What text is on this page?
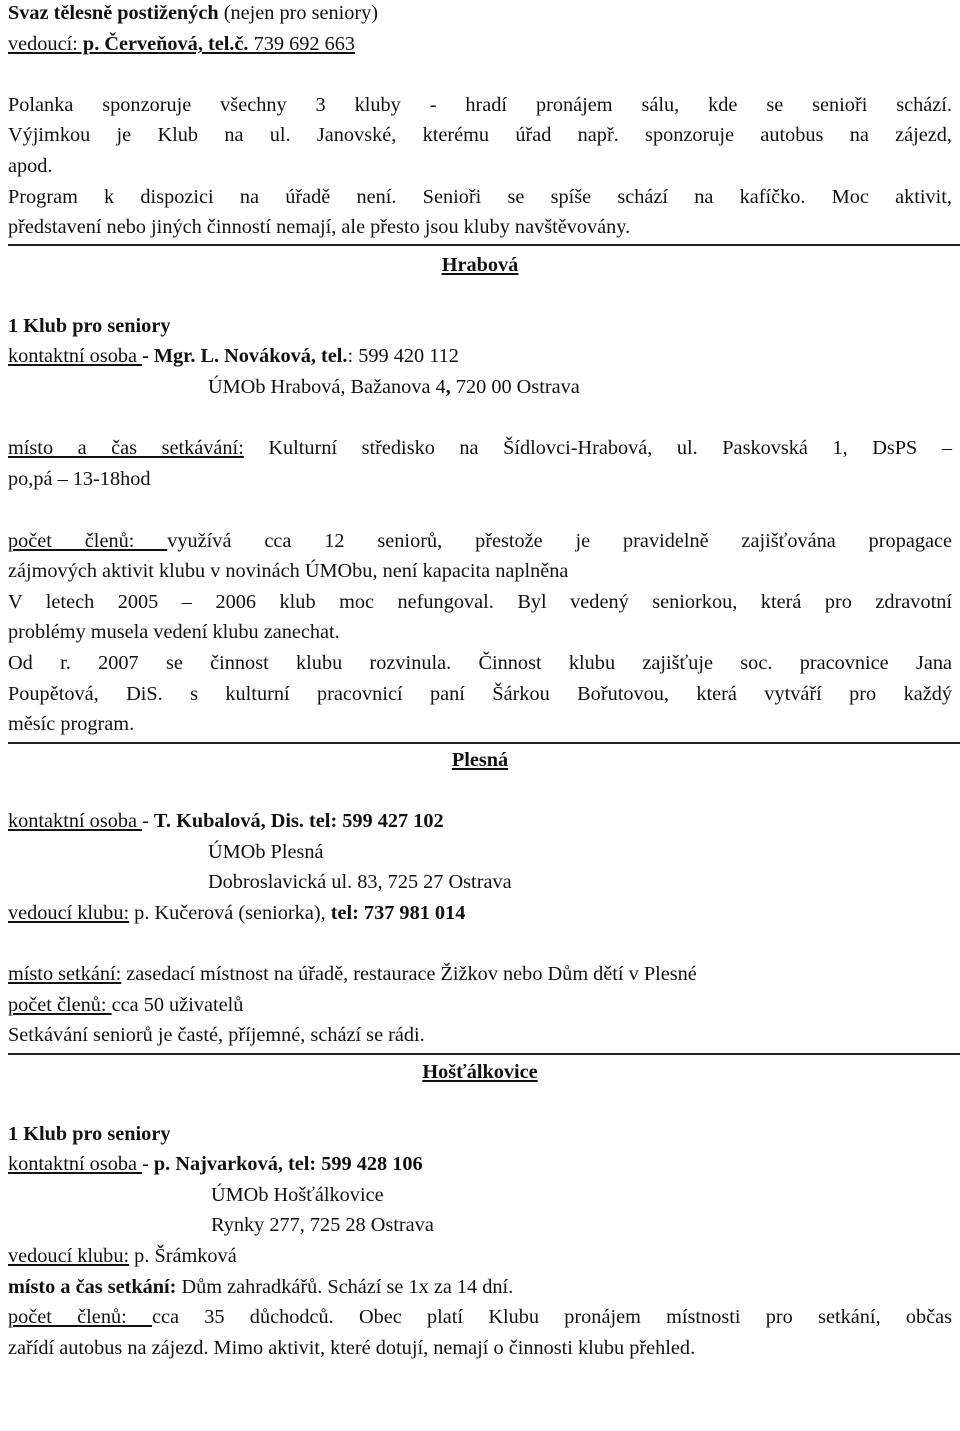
Svaz tělesně postižených (nejen pro seniory)
vedoucí: p. Červeňová, tel.č. 739 692 663
Polanka sponzoruje všechny 3 kluby - hradí pronájem sálu, kde se senioři schází.
Výjimkou je Klub na ul. Janovské, kterému úřad např. sponzoruje autobus na zájezd,
apod.
Program k dispozici na úřadě není. Senioři se spíše schází na kafíčko. Moc aktivit,
představení nebo jiných činností nemají, ale přesto jsou kluby navštěvovány.
Hrabová
1 Klub pro seniory
kontaktní osoba - Mgr. L. Nováková, tel.: 599 420 112
ÚMOb Hrabová, Bažanova 4, 720 00 Ostrava
místo a čas setkávání: Kulturní středisko na Šídlovci-Hrabová, ul. Paskovská 1, DsPS –
po,pá – 13-18hod
počet členů: využívá cca 12 seniorů, přestože je pravidelně zajišťována propagace
zájmových aktivit klubu v novinách ÚMObu, není kapacita naplněna
V letech 2005 – 2006 klub moc nefungoval. Byl vedený seniorkou, která pro zdravotní
problémy musela vedení klubu zanechat.
Od r. 2007 se činnost klubu rozvinula. Činnost klubu zajišťuje soc. pracovnice Jana
Poupětová, DiS. s kulturní pracovnicí paní Šárkou Bořutovou, která vytváří pro každý
měsíc program.
Plesná
kontaktní osoba - T. Kubalová, Dis. tel: 599 427 102
ÚMOb Plesná
Dobroslavická ul. 83, 725 27 Ostrava
vedoucí klubu: p. Kučerová (seniorka), tel: 737 981 014
místo setkání: zasedací místnost na úřadě, restaurace Žižkov nebo Dům dětí v Plesné
počet členů: cca 50 uživatelů
Setkávání seniorů je časté, příjemné, schází se rádi.
Hošťálkovice
1 Klub pro seniory
kontaktní osoba - p. Najvarková, tel: 599 428 106
ÚMOb Hošťálkovice
Rynky 277, 725 28 Ostrava
vedoucí klubu: p. Šrámková
místo a čas setkání: Dům zahradkářů. Schází se 1x za 14 dní.
počet členů: cca 35 důchodců. Obec platí Klubu pronájem místnosti pro setkání, občas
zařídí autobus na zájezd. Mimo aktivit, které dotují, nemají o činnosti klubu přehled.
